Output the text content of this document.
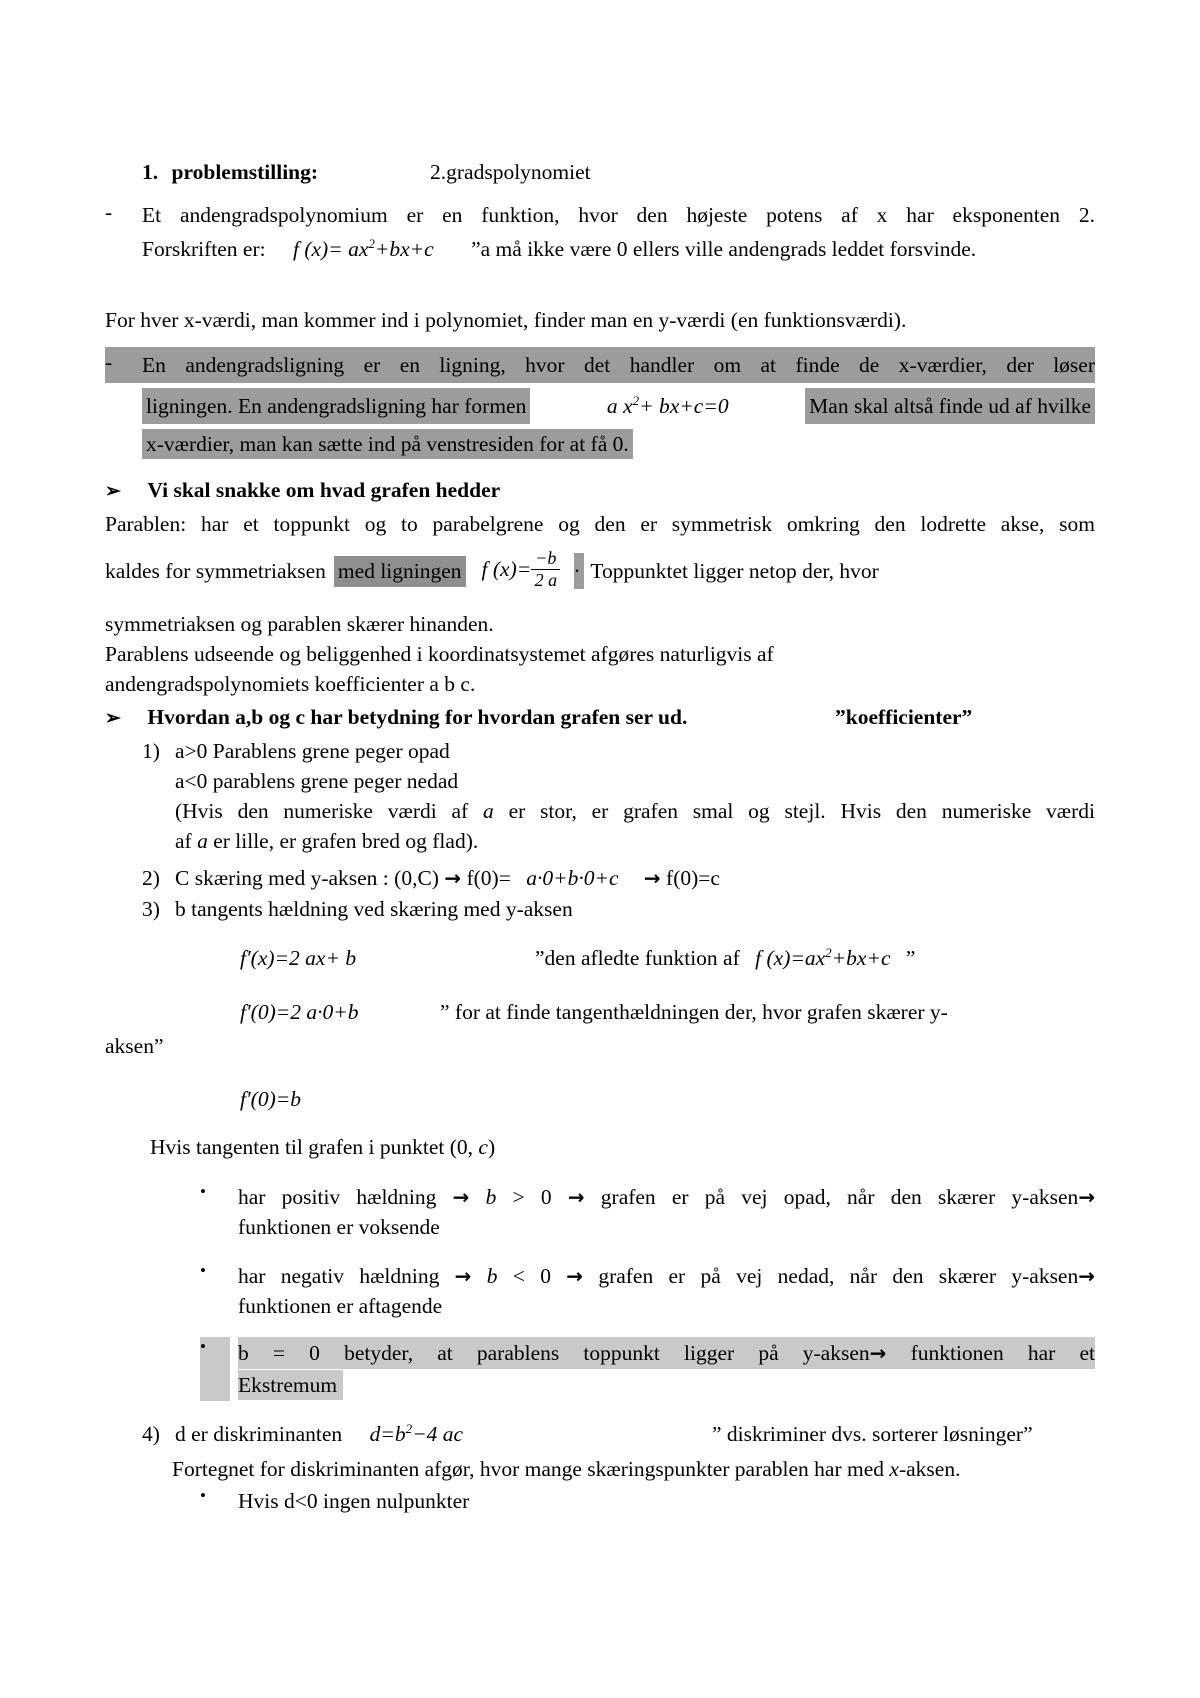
1. problemstilling:	2.gradspolynomiet
-	Et andengradspolynomium er en funktion, hvor den højeste potens af x har eksponenten 2.
Forskriften er: f $(x)= ax^2+bx+c$ ”a må ikke være 0 ellers ville andengrads leddet forsvinde.
For hver x-værdi, man kommer ind i polynomiet, finder man en y-værdi (en funktionsværdi).
-	En andengradsligning er en ligning, hvor det handler om at finde de x-værdier, der løser
ligningen. En andengradsligning har formen	a $x^2+ bx+c=0$	Man skal altså finde ud af hvilke
x-værdier, man kan sætte ind på venstresiden for at få 0.
➢ Vi skal snakke om hvad grafen hedder
Parablen: har et toppunkt og to parabelgrene og den er symmetrisk omkring den lodrette akse, som
kaldes for symmetriaksen med ligningen f $(x)= \frac{-b}{2 a}$ . Toppunktet ligger netop der, hvor
symmetriaksen og parablen skærer hinanden.
Parablens udseende og beliggenhed i koordinatsystemet afgøres naturligvis af
andengradspolynomiets koefficienter a b c.
➢ Hvordan a,b og c har betydning for hvordan grafen ser ud.	”koefficienter”
1) a>0 Parablens grene peger opad
a<0 parablens grene peger nedad
(Hvis den numeriske værdi af a er stor, er grafen smal og stejl. Hvis den numeriske værdi
af a er lille, er grafen bred og flad).
2) C skæring med y-aksen : (0,C) → f(0)= a·0+b·0+c → f(0)=c
3) b tangents hældning ved skæring med y-aksen
f′(x)=2 ax+ b	”den afledte funktion af f $(x)=ax^2+bx+c$ ”
f′(0)=2 a·0+b	” for at finde tangenthældningen der, hvor grafen skærer y-
aksen”
f′(0)=b
Hvis tangenten til grafen i punktet (0, c)
•	har positiv hældning → b > 0 → grafen er på vej opad, når den skærer y-aksen→
funktionen er voksende
•	har negativ hældning → b < 0 → grafen er på vej nedad, når den skærer y-aksen→
funktionen er aftagende
•	b = 0 betyder, at parablens toppunkt ligger på y-aksen→ funktionen har et
Ekstremum
4) d er diskriminanten $d=b^2-4$ ac	” diskriminer dvs. sorterer løsninger”
Fortegnet for diskriminanten afgør, hvor mange skæringspunkter parablen har med x-aksen.
•	Hvis d<0 ingen nulpunkter
